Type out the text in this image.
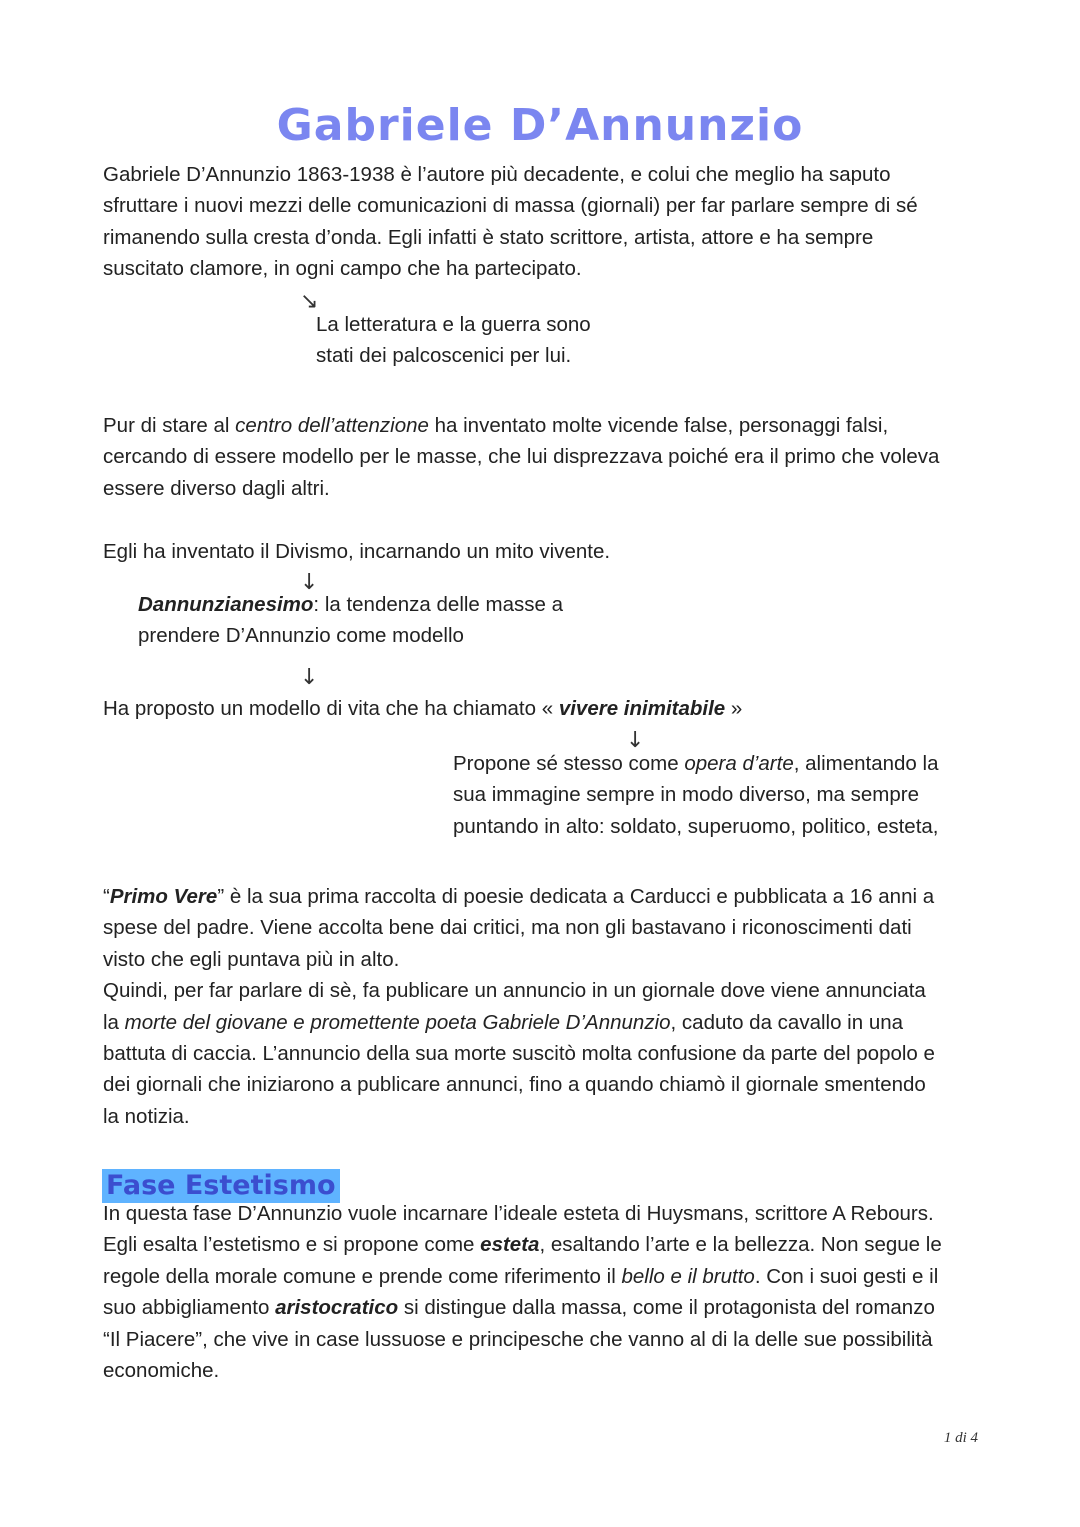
Gabriele D’Annunzio
Gabriele D’Annunzio 1863-1938 è l’autore più decadente, e colui che meglio ha saputo
sfruttare i nuovi mezzi delle comunicazioni di massa (giornali) per far parlare sempre di sé
rimanendo sulla cresta d’onda. Egli infatti è stato scrittore, artista, attore e ha sempre
suscitato clamore, in ogni campo che ha partecipato.
↘
La letteratura e la guerra sono
stati dei palcoscenici per lui.
Pur di stare al centro dell’attenzione ha inventato molte vicende false, personaggi falsi,
cercando di essere modello per le masse, che lui disprezzava poiché era il primo che voleva
essere diverso dagli altri.
Egli ha inventato il Divismo, incarnando un mito vivente.
↓
Dannunzianesimo: la tendenza delle masse a
prendere D’Annunzio come modello
↓
Ha proposto un modello di vita che ha chiamato « vivere inimitabile »
↓
Propone sé stesso come opera d’arte, alimentando la
sua immagine sempre in modo diverso, ma sempre
puntando in alto: soldato, superuomo, politico, esteta,
“Primo Vere” è la sua prima raccolta di poesie dedicata a Carducci e pubblicata a 16 anni a
spese del padre. Viene accolta bene dai critici, ma non gli bastavano i riconoscimenti dati
visto che egli puntava più in alto.
Quindi, per far parlare di sè, fa publicare un annuncio in un giornale dove viene annunciata
la morte del giovane e promettente poeta Gabriele D’Annunzio, caduto da cavallo in una
battuta di caccia. L’annuncio della sua morte suscitò molta confusione da parte del popolo e
dei giornali che iniziarono a publicare annunci, fino a quando chiamò il giornale smentendo
la notizia.
Fase Estetismo
In questa fase D’Annunzio vuole incarnare l’ideale esteta di Huysmans, scrittore A Rebours.
Egli esalta l’estetismo e si propone come esteta, esaltando l’arte e la bellezza. Non segue le
regole della morale comune e prende come riferimento il bello e il brutto. Con i suoi gesti e il
suo abbigliamento aristocratico si distingue dalla massa, come il protagonista del romanzo
“Il Piacere”, che vive in case lussuose e principesche che vanno al di la delle sue possibilità
economiche.
1 di 4
